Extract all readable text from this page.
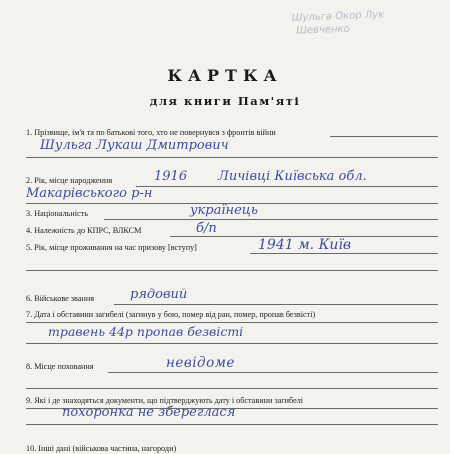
Шульга Окор Лук
Шевченко
КАРТКА
для книги Пам'яті
1. Прізвище, ім'я та по батькові того, хто не повернувся з фронтів війни
Шульга Лукаш Дмитрович
2. Рік, місце народження	1916 Личівці Київська обл.
Макарівського р-н
3. Національність	українець
4. Належність до КПРС, ВЛКСМ	б/п
5. Рік, місце проживання на час призову [вступу]	1941 м. Київ
6. Військове звання	рядовий
7. Дата і обставини загибелі (загинув у бою, помер від ран, помер, пропав безвісті)
травень 44р пропав безвісті
8. Місце поховання	невідоме
9. Які і де знаходяться документи, що підтверджують дату і обставини загибелі
похоронка не збереглася
10. Інші дані (військова частина, нагороди)
